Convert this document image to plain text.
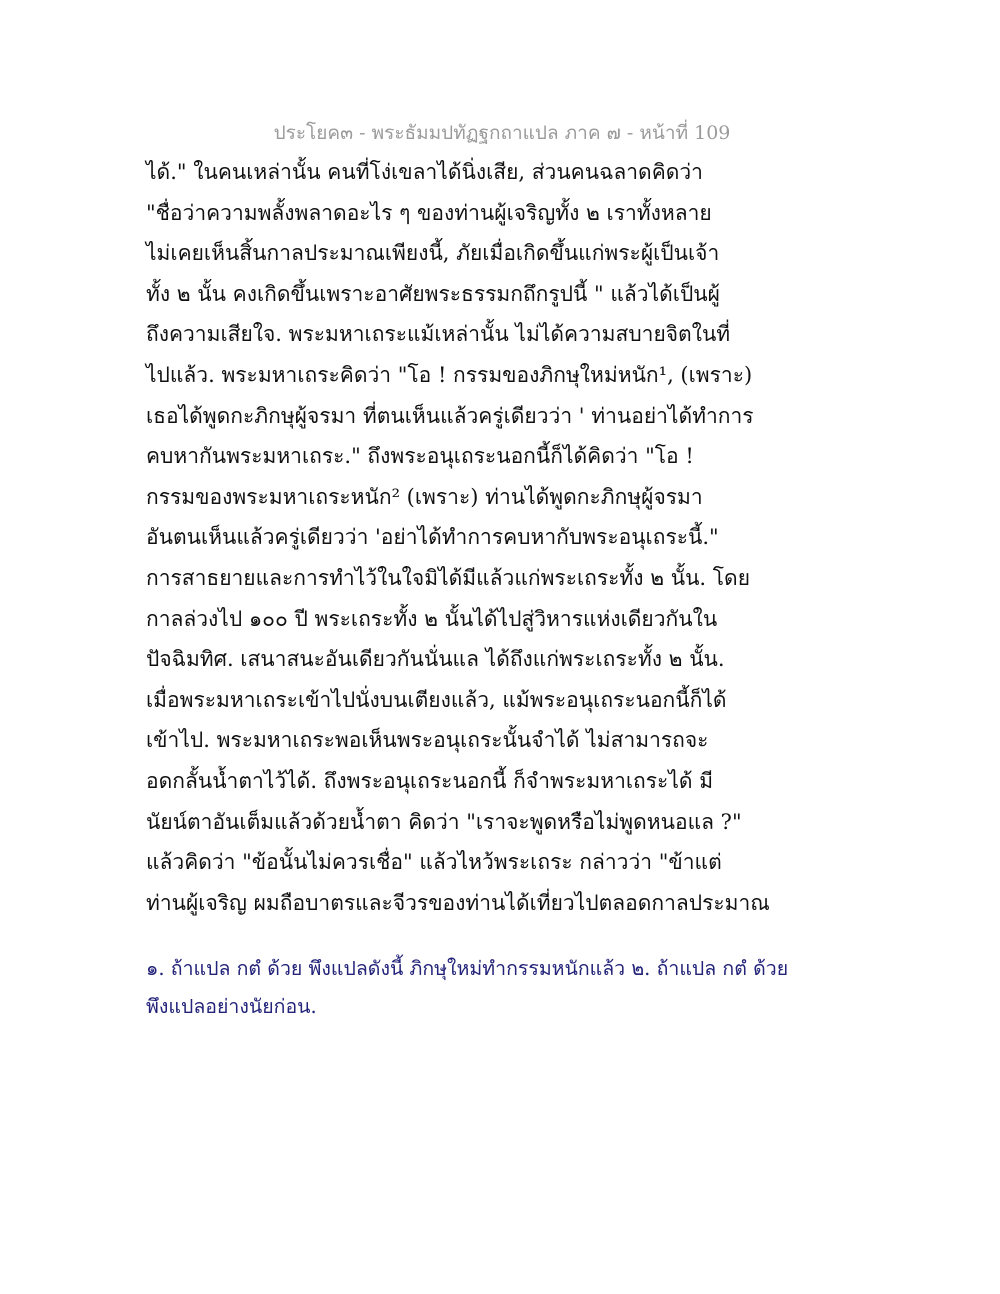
ประโยค๓ - พระธัมมปทัฏฐกถาแปล ภาค ๗ - หน้าที่ 109
ได้." ในคนเหล่านั้น คนที่โง่เขลาได้นิ่งเสีย, ส่วนคนฉลาดคิดว่า
"ชื่อว่าความพลั้งพลาดอะไร ๆ ของท่านผู้เจริญทั้ง ๒ เราทั้งหลาย
ไม่เคยเห็นสิ้นกาลประมาณเพียงนี้, ภัยเมื่อเกิดขึ้นแก่พระผู้เป็นเจ้า
ทั้ง ๒ นั้น คงเกิดขึ้นเพราะอาศัยพระธรรมกถึกรูปนี้ " แล้วได้เป็นผู้
ถึงความเสียใจ. พระมหาเถระแม้เหล่านั้น ไม่ได้ความสบายจิตในที่
ไปแล้ว. พระมหาเถระคิดว่า "โอ ! กรรมของภิกษุใหม่หนัก¹, (เพราะ)
เธอได้พูดกะภิกษุผู้จรมา ที่ตนเห็นแล้วครู่เดียวว่า ' ท่านอย่าได้ทำการ
คบหากันพระมหาเถระ." ถึงพระอนุเถระนอกนี้ก็ได้คิดว่า "โอ !
กรรมของพระมหาเถระหนัก² (เพราะ) ท่านได้พูดกะภิกษุผู้จรมา
อันตนเห็นแล้วครู่เดียวว่า 'อย่าได้ทำการคบหากับพระอนุเถระนี้."
การสาธยายและการทำไว้ในใจมิได้มีแล้วแก่พระเถระทั้ง ๒ นั้น. โดย
กาลล่วงไป ๑๐๐ ปี พระเถระทั้ง ๒ นั้นได้ไปสู่วิหารแห่งเดียวกันใน
ปัจฉิมทิศ. เสนาสนะอันเดียวกันนั่นแล ได้ถึงแก่พระเถระทั้ง ๒ นั้น.
เมื่อพระมหาเถระเข้าไปนั่งบนเตียงแล้ว, แม้พระอนุเถระนอกนี้ก็ได้
เข้าไป. พระมหาเถระพอเห็นพระอนุเถระนั้นจำได้ ไม่สามารถจะ
อดกลั้นน้ำตาไว้ได้. ถึงพระอนุเถระนอกนี้ ก็จำพระมหาเถระได้ มี
นัยน์ตาอันเต็มแล้วด้วยน้ำตา คิดว่า "เราจะพูดหรือไม่พูดหนอแล ?"
แล้วคิดว่า "ข้อนั้นไม่ควรเชื่อ" แล้วไหว้พระเถระ กล่าวว่า "ข้าแต่
ท่านผู้เจริญ ผมถือบาตรและจีวรของท่านได้เที่ยวไปตลอดกาลประมาณ
๑. ถ้าแปล กตํ ด้วย พึงแปลดังนี้ ภิกษุใหม่ทำกรรมหนักแล้ว ๒. ถ้าแปล กตํ ด้วย
พึงแปลอย่างนัยก่อน.
